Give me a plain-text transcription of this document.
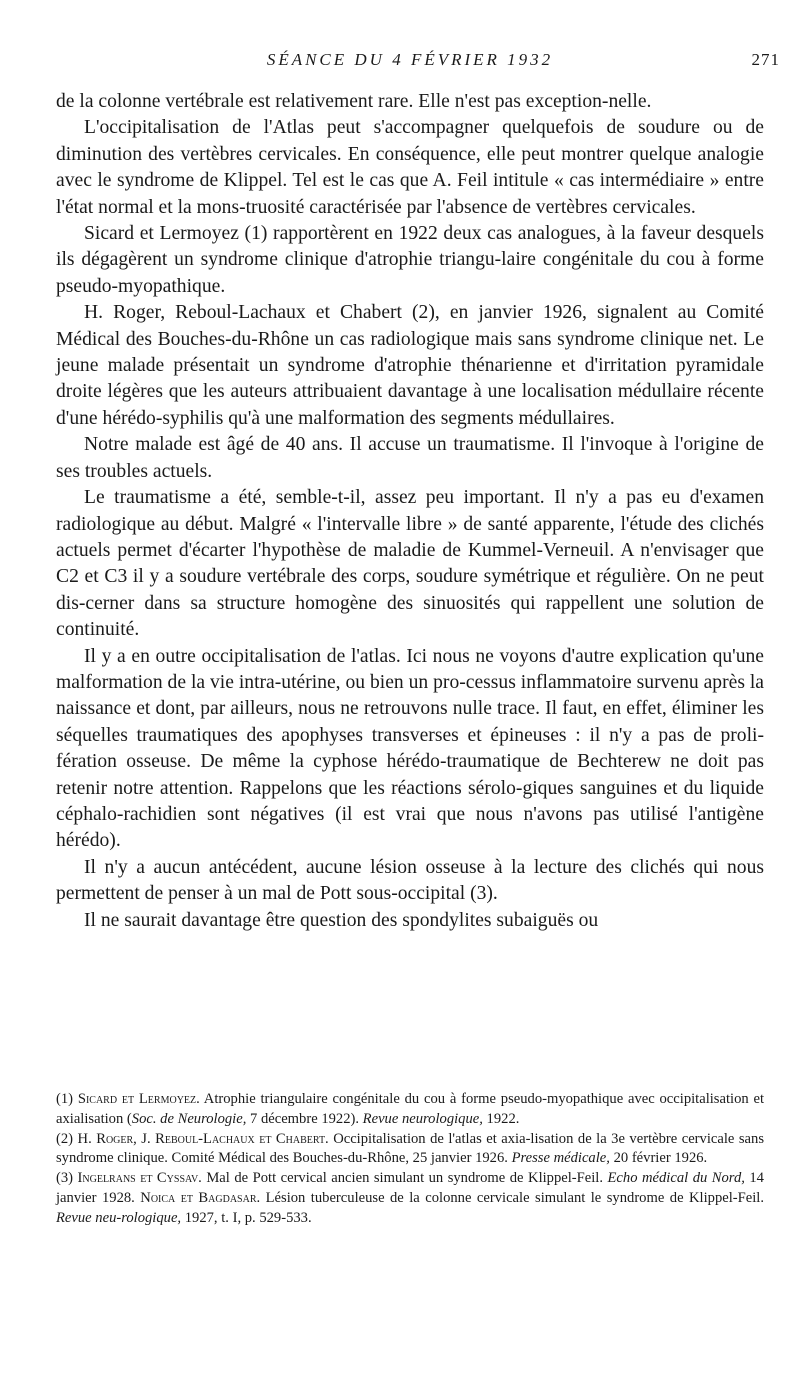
SÉANCE DU 4 FÉVRIER 1932	271

de la colonne vertébrale est relativement rare. Elle n'est pas exception-nelle.

L'occipitalisation de l'Atlas peut s'accompagner quelquefois de soudure ou de diminution des vertèbres cervicales. En conséquence, elle peut montrer quelque analogie avec le syndrome de Klippel. Tel est le cas que A. Feil intitule « cas intermédiaire » entre l'état normal et la mons-truosité caractérisée par l'absence de vertèbres cervicales.

Sicard et Lermoyez (1) rapportèrent en 1922 deux cas analogues, à la faveur desquels ils dégagèrent un syndrome clinique d'atrophie triangu-laire congénitale du cou à forme pseudo-myopathique.

H. Roger, Reboul-Lachaux et Chabert (2), en janvier 1926, signalent au Comité Médical des Bouches-du-Rhône un cas radiologique mais sans syndrome clinique net. Le jeune malade présentait un syndrome d'atrophie thénarienne et d'irritation pyramidale droite légères que les auteurs attribuaient davantage à une localisation médullaire récente d'une hérédo-syphilis qu'à une malformation des segments médullaires.

Notre malade est âgé de 40 ans. Il accuse un traumatisme. Il l'invoque à l'origine de ses troubles actuels.

Le traumatisme a été, semble-t-il, assez peu important. Il n'y a pas eu d'examen radiologique au début. Malgré « l'intervalle libre » de santé apparente, l'étude des clichés actuels permet d'écarter l'hypothèse de maladie de Kummel-Verneuil. A n'envisager que C2 et C3 il y a soudure vertébrale des corps, soudure symétrique et régulière. On ne peut dis-cerner dans sa structure homogène des sinuosités qui rappellent une solution de continuité.

Il y a en outre occipitalisation de l'atlas. Ici nous ne voyons d'autre explication qu'une malformation de la vie intra-utérine, ou bien un pro-cessus inflammatoire survenu après la naissance et dont, par ailleurs, nous ne retrouvons nulle trace. Il faut, en effet, éliminer les séquelles traumatiques des apophyses transverses et épineuses : il n'y a pas de proli-fération osseuse. De même la cyphose hérédo-traumatique de Bechterew ne doit pas retenir notre attention. Rappelons que les réactions sérolo-giques sanguines et du liquide céphalo-rachidien sont négatives (il est vrai que nous n'avons pas utilisé l'antigène hérédo).

Il n'y a aucun antécédent, aucune lésion osseuse à la lecture des clichés qui nous permettent de penser à un mal de Pott sous-occipital (3).

Il ne saurait davantage être question des spondylites subaiguës ou

(1) Sicard et Lermoyez. Atrophie triangulaire congénitale du cou à forme pseudo-myopathique avec occipitalisation et axialisation (Soc. de Neurologie, 7 décembre 1922). Revue neurologique, 1922.

(2) H. Roger, J. Reboul-Lachaux et Chabert. Occipitalisation de l'atlas et axia-lisation de la 3e vertèbre cervicale sans syndrome clinique. Comité Médical des Bouches-du-Rhône, 25 janvier 1926. Presse médicale, 20 février 1926.

(3) Ingelrans et Cyssav. Mal de Pott cervical ancien simulant un syndrome de Klippel-Feil. Echo médical du Nord, 14 janvier 1928. Noica et Bagdasar. Lésion tuberculeuse de la colonne cervicale simulant le syndrome de Klippel-Feil. Revue neu-rologique, 1927, t. I, p. 529-533.
